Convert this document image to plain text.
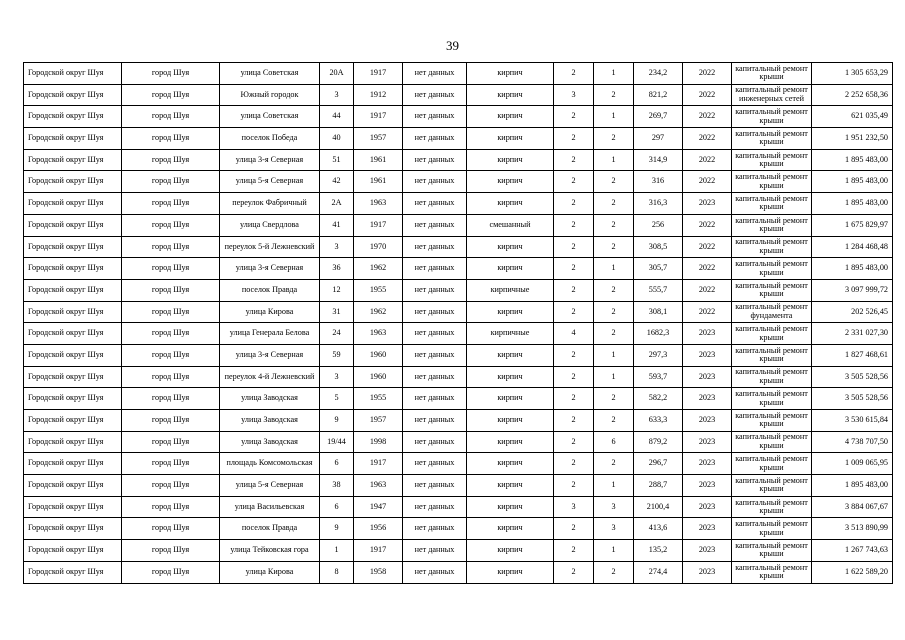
39
Городской округ Шуя	город Шуя	улица Советская	20А	1917	нет данных	кирпич	2	1	234,2	2022	капитальный ремонт крыши	1 305 653,29
Городской округ Шуя	город Шуя	Южный городок	3	1912	нет данных	кирпич	3	2	821,2	2022	капитальный ремонт инженерных сетей	2 252 658,36
Городской округ Шуя	город Шуя	улица Советская	44	1917	нет данных	кирпич	2	1	269,7	2022	капитальный ремонт крыши	621 035,49
Городской округ Шуя	город Шуя	поселок Победа	40	1957	нет данных	кирпич	2	2	297	2022	капитальный ремонт крыши	1 951 232,50
Городской округ Шуя	город Шуя	улица 3-я Северная	51	1961	нет данных	кирпич	2	1	314,9	2022	капитальный ремонт крыши	1 895 483,00
Городской округ Шуя	город Шуя	улица 5-я Северная	42	1961	нет данных	кирпич	2	2	316	2022	капитальный ремонт крыши	1 895 483,00
Городской округ Шуя	город Шуя	переулок Фабричный	2А	1963	нет данных	кирпич	2	2	316,3	2023	капитальный ремонт крыши	1 895 483,00
Городской округ Шуя	город Шуя	улица Свердлова	41	1917	нет данных	смешанный	2	2	256	2022	капитальный ремонт крыши	1 675 829,97
Городской округ Шуя	город Шуя	переулок 5-й Лежневский	3	1970	нет данных	кирпич	2	2	308,5	2022	капитальный ремонт крыши	1 284 468,48
Городской округ Шуя	город Шуя	улица 3-я Северная	36	1962	нет данных	кирпич	2	1	305,7	2022	капитальный ремонт крыши	1 895 483,00
Городской округ Шуя	город Шуя	поселок Правда	12	1955	нет данных	кирпичные	2	2	555,7	2022	капитальный ремонт крыши	3 097 999,72
Городской округ Шуя	город Шуя	улица Кирова	31	1962	нет данных	кирпич	2	2	308,1	2022	капитальный ремонт фундамента	202 526,45
Городской округ Шуя	город Шуя	улица Генерала Белова	24	1963	нет данных	кирпичные	4	2	1682,3	2023	капитальный ремонт крыши	2 331 027,30
Городской округ Шуя	город Шуя	улица 3-я Северная	59	1960	нет данных	кирпич	2	1	297,3	2023	капитальный ремонт крыши	1 827 468,61
Городской округ Шуя	город Шуя	переулок 4-й Лежневский	3	1960	нет данных	кирпич	2	1	593,7	2023	капитальный ремонт крыши	3 505 528,56
Городской округ Шуя	город Шуя	улица Заводская	5	1955	нет данных	кирпич	2	2	582,2	2023	капитальный ремонт крыши	3 505 528,56
Городской округ Шуя	город Шуя	улица Заводская	9	1957	нет данных	кирпич	2	2	633,3	2023	капитальный ремонт крыши	3 530 615,84
Городской округ Шуя	город Шуя	улица Заводская	19/44	1998	нет данных	кирпич	2	6	879,2	2023	капитальный ремонт крыши	4 738 707,50
Городской округ Шуя	город Шуя	площадь Комсомольская	6	1917	нет данных	кирпич	2	2	296,7	2023	капитальный ремонт крыши	1 009 065,95
Городской округ Шуя	город Шуя	улица 5-я Северная	38	1963	нет данных	кирпич	2	1	288,7	2023	капитальный ремонт крыши	1 895 483,00
Городской округ Шуя	город Шуя	улица Васильевская	6	1947	нет данных	кирпич	3	3	2100,4	2023	капитальный ремонт крыши	3 884 067,67
Городской округ Шуя	город Шуя	поселок Правда	9	1956	нет данных	кирпич	2	3	413,6	2023	капитальный ремонт крыши	3 513 890,99
Городской округ Шуя	город Шуя	улица Тейковская гора	1	1917	нет данных	кирпич	2	1	135,2	2023	капитальный ремонт крыши	1 267 743,63
Городской округ Шуя	город Шуя	улица Кирова	8	1958	нет данных	кирпич	2	2	274,4	2023	капитальный ремонт крыши	1 622 589,20
